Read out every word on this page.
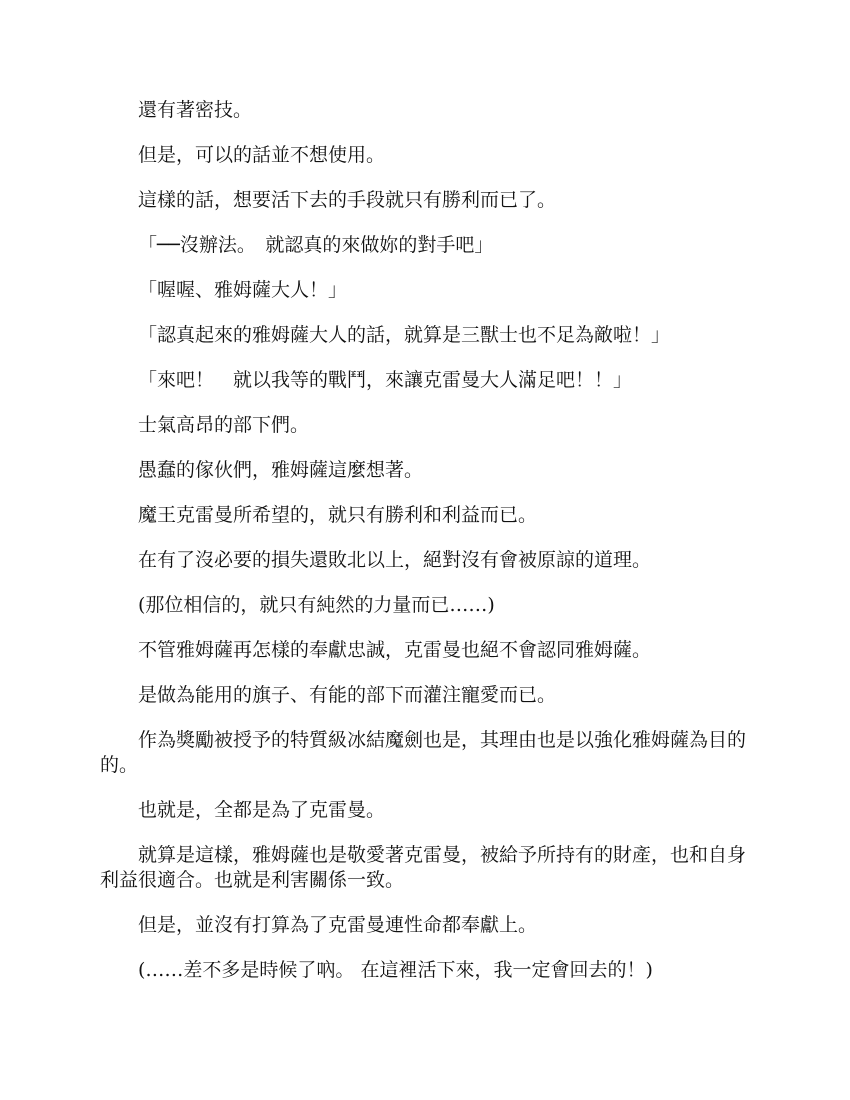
還有著密技。

但是，可以的話並不想使用。

這樣的話，想要活下去的手段就只有勝利而已了。

「──沒辦法。　就認真的來做妳的對手吧」

「喔喔、雅姆薩大人！」

「認真起來的雅姆薩大人的話，就算是三獸士也不足為敵啦！」

「來吧！　就以我等的戰鬥，來讓克雷曼大人滿足吧！！」

士氣高昂的部下們。

愚蠢的傢伙們，雅姆薩這麼想著。

魔王克雷曼所希望的，就只有勝利和利益而已。

在有了沒必要的損失還敗北以上，絕對沒有會被原諒的道理。

(那位相信的，就只有純然的力量而已……)

不管雅姆薩再怎樣的奉獻忠誠，克雷曼也絕不會認同雅姆薩。

是做為能用的旗子、有能的部下而灌注寵愛而已。

作為獎勵被授予的特質級冰結魔劍也是，其理由也是以強化雅姆薩為目的的。

也就是，全都是為了克雷曼。

就算是這樣，雅姆薩也是敬愛著克雷曼，被給予所持有的財產，也和自身利益很適合。也就是利害關係一致。

但是，並沒有打算為了克雷曼連性命都奉獻上。

(……差不多是時候了吶。 在這裡活下來，我一定會回去的！)
